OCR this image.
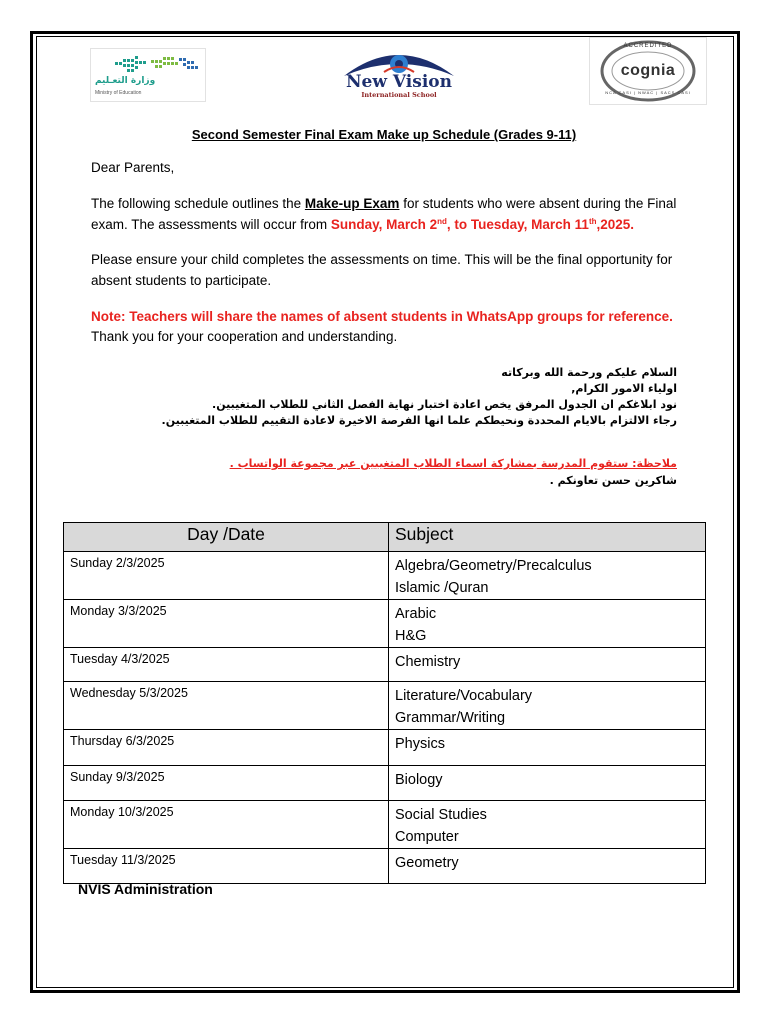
وزارة التعـليم
Ministry of Education
New Vision
International School
ACCREDITED
cognia
NCA CASI | NWAC | SACS CASI
Second Semester Final Exam Make up Schedule (Grades 9-11)
Dear Parents,
The following schedule outlines the Make-up Exam for students who were absent during the Final exam. The assessments will occur from Sunday, March 2nd, to Tuesday, March 11th,2025.
Please ensure your child completes the assessments on time. This will be the final opportunity for absent students to participate.
Note: Teachers will share the names of absent students in WhatsApp groups for reference.
Thank you for your cooperation and understanding.
السلام عليكم ورحمة الله وبركاته
اولياء الامور الكرام,
نود ابلاغكم ان الجدول المرفق يخص اعادة اختبار نهاية الفصل الثاني للطلاب المتغيبين.
رجاء الالتزام بالايام المحددة ونحيطكم علما انها الفرصة الاخيرة لاعادة التقييم للطلاب المتغيبين.
ملاحظة: ستقوم المدرسة بمشاركة اسماء الطلاب المتغيبين عبر مجموعة الواتساب .
شاكرين حسن تعاونكم .
Day /Date	Subject
Sunday 2/3/2025	Algebra/Geometry/Precalculus
Islamic /Quran

Monday 3/3/2025	Arabic
H&G

Tuesday 4/3/2025	Chemistry

Wednesday 5/3/2025	Literature/Vocabulary
Grammar/Writing

Thursday 6/3/2025	Physics

Sunday 9/3/2025	Biology

Monday 10/3/2025	Social Studies
Computer

Tuesday 11/3/2025	Geometry
NVIS Administration
